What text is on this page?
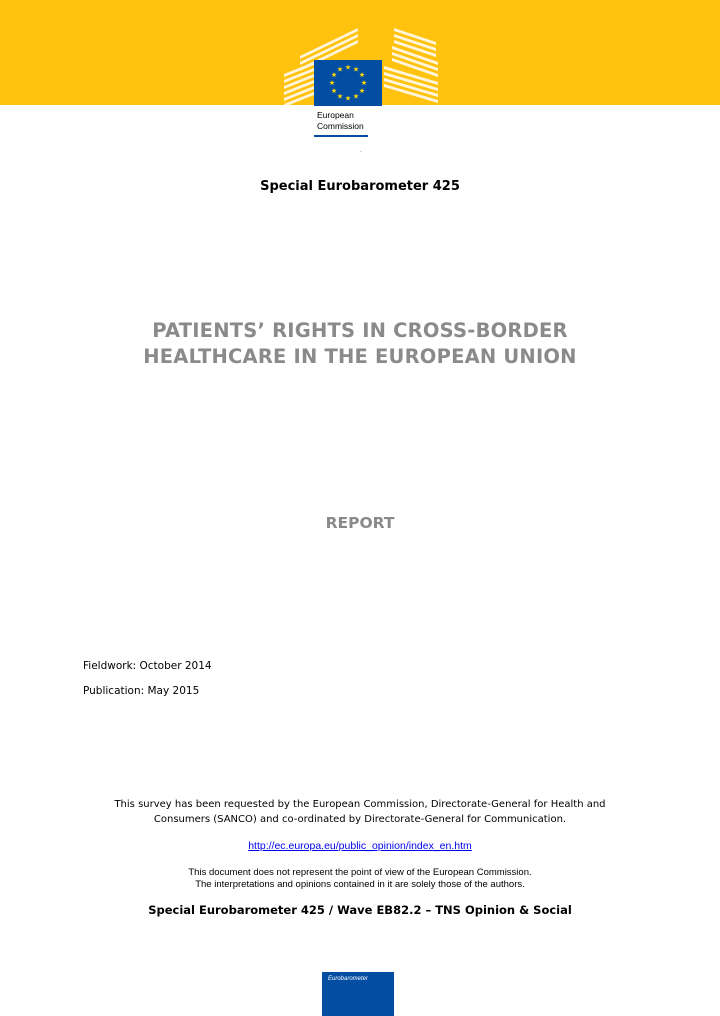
★ ★
★
★
★
★
★
★
★
★
★
★
European
Commission
.
Special Eurobarometer 425
PATIENTS’ RIGHTS IN CROSS-BORDER
HEALTHCARE IN THE EUROPEAN UNION
REPORT
Fieldwork: October 2014
Publication: May 2015
This survey has been requested by the European Commission, Directorate-General for Health and
Consumers (SANCO) and co-ordinated by Directorate-General for Communication.
http://ec.europa.eu/public_opinion/index_en.htm
This document does not represent the point of view of the European Commission.
The interpretations and opinions contained in it are solely those of the authors.
Special Eurobarometer 425 / Wave EB82.2 – TNS Opinion & Social
Eurobarometer
